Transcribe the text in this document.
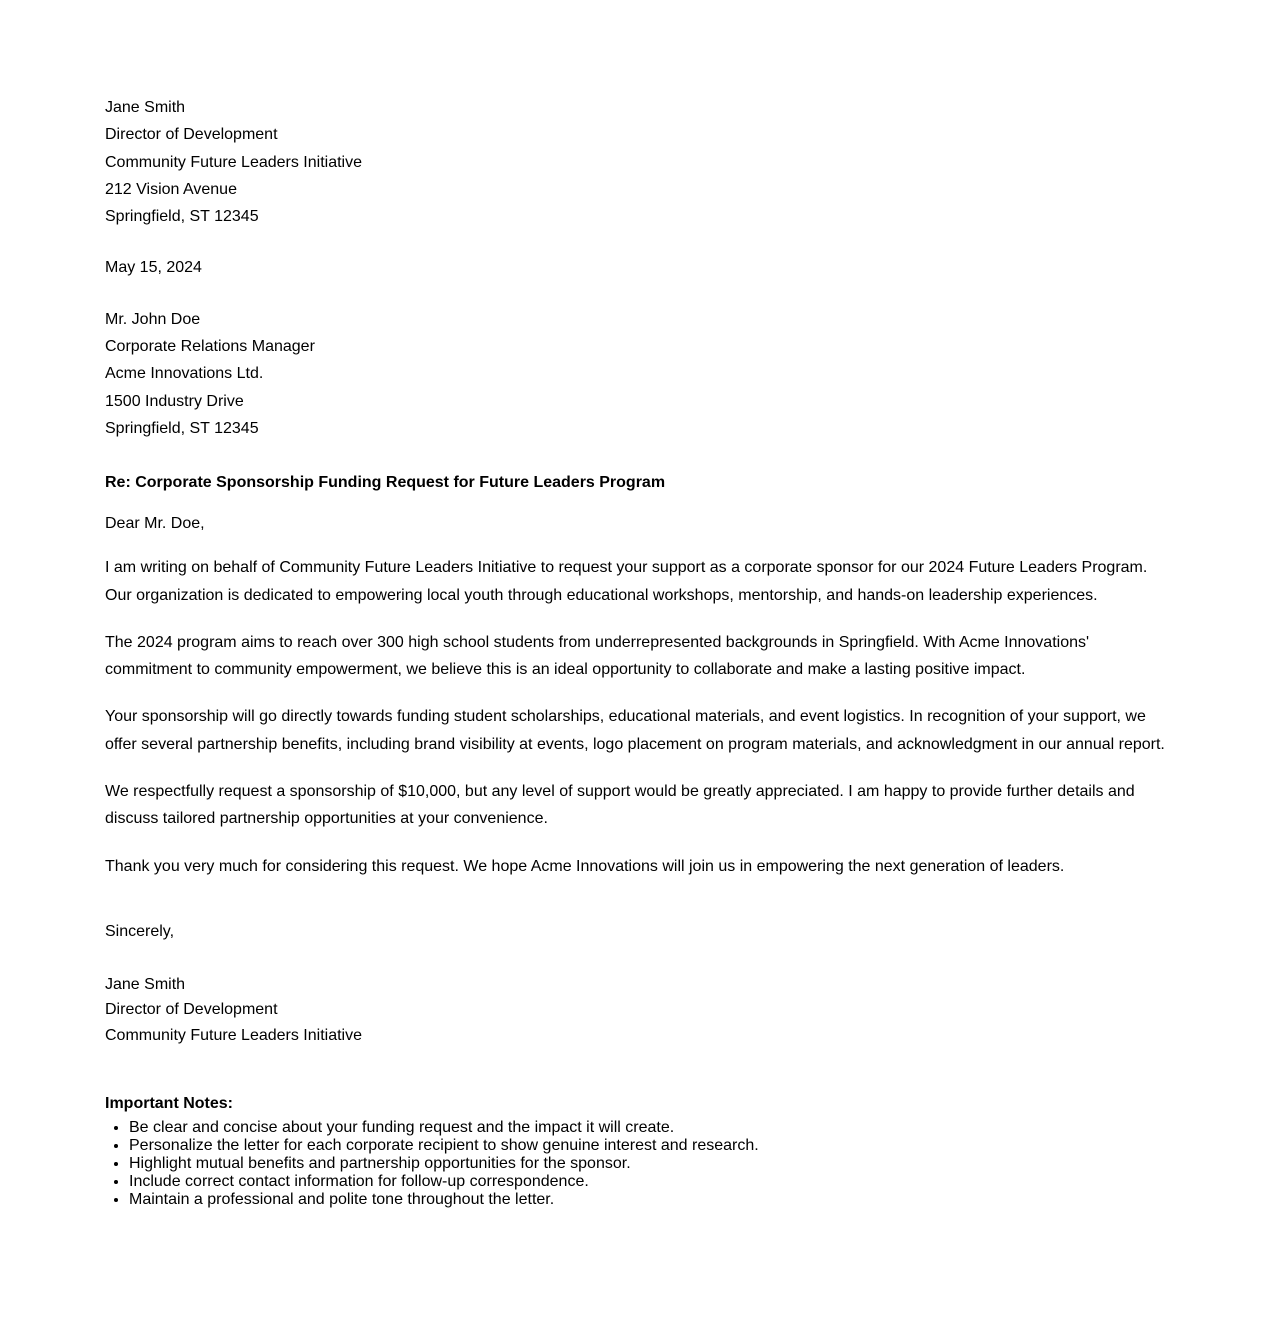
Jane Smith
Director of Development
Community Future Leaders Initiative
212 Vision Avenue
Springfield, ST 12345
May 15, 2024
Mr. John Doe
Corporate Relations Manager
Acme Innovations Ltd.
1500 Industry Drive
Springfield, ST 12345
Re: Corporate Sponsorship Funding Request for Future Leaders Program
Dear Mr. Doe,

I am writing on behalf of Community Future Leaders Initiative to request your support as a corporate sponsor for our 2024 Future Leaders Program. Our organization is dedicated to empowering local youth through educational workshops, mentorship, and hands-on leadership experiences.

The 2024 program aims to reach over 300 high school students from underrepresented backgrounds in Springfield. With Acme Innovations' commitment to community empowerment, we believe this is an ideal opportunity to collaborate and make a lasting positive impact.

Your sponsorship will go directly towards funding student scholarships, educational materials, and event logistics. In recognition of your support, we offer several partnership benefits, including brand visibility at events, logo placement on program materials, and acknowledgment in our annual report.

We respectfully request a sponsorship of $10,000, but any level of support would be greatly appreciated. I am happy to provide further details and discuss tailored partnership opportunities at your convenience.

Thank you very much for considering this request. We hope Acme Innovations will join us in empowering the next generation of leaders.

Sincerely,
Jane Smith
Director of Development
Community Future Leaders Initiative
Important Notes:
• Be clear and concise about your funding request and the impact it will create.
• Personalize the letter for each corporate recipient to show genuine interest and research.
• Highlight mutual benefits and partnership opportunities for the sponsor.
• Include correct contact information for follow-up correspondence.
• Maintain a professional and polite tone throughout the letter.
